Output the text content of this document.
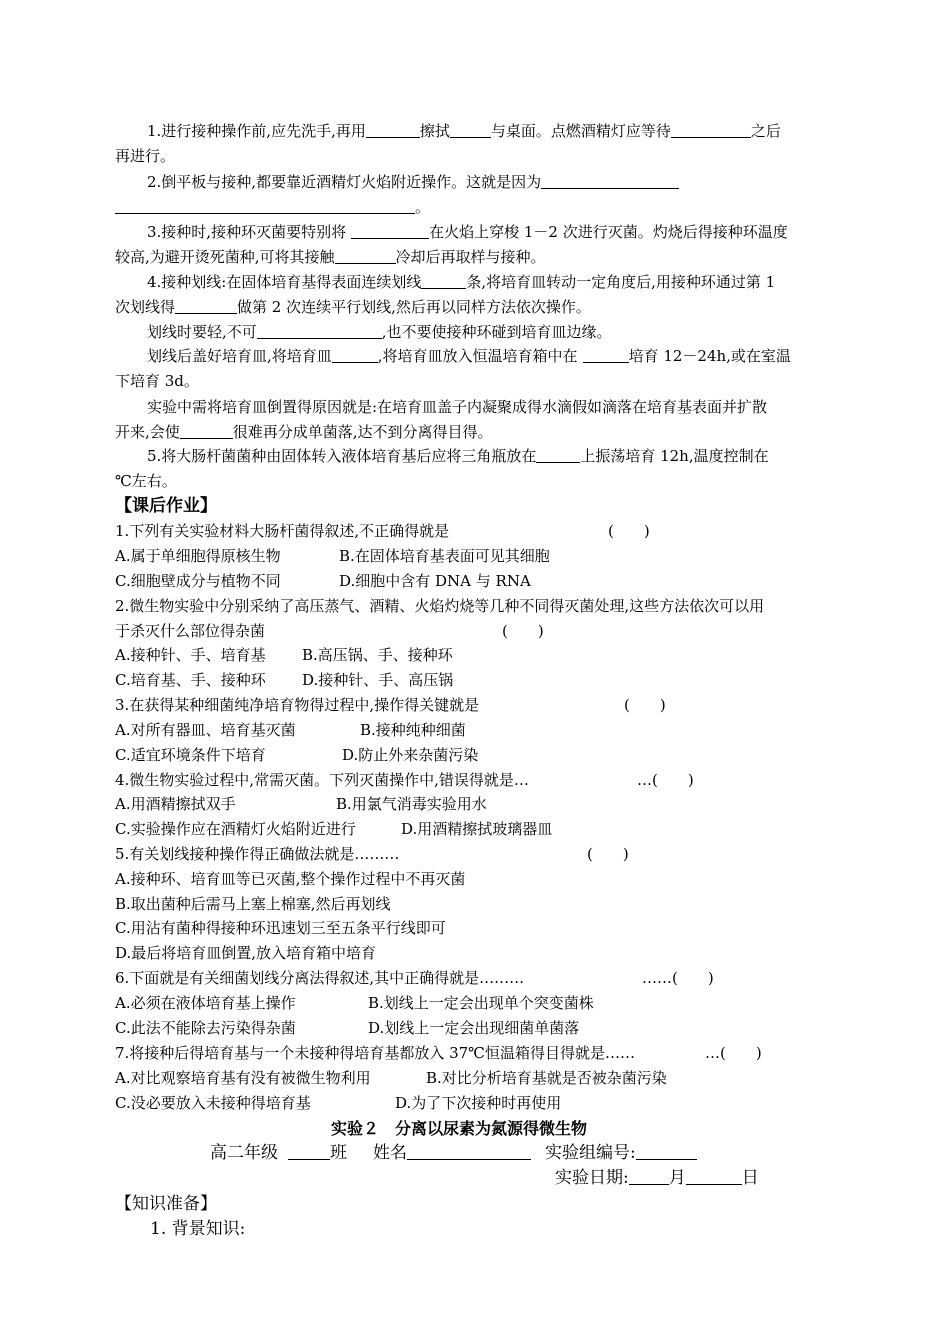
1.进行接种操作前,应先洗手,再用	擦拭	与桌面。点燃酒精灯应等待	之后
再进行。
2.倒平板与接种,都要靠近酒精灯火焰附近操作。这就是因为
。
3.接种时,接种环灭菌要特别将	在火焰上穿梭 1－2 次进行灭菌。灼烧后得接种环温度
较高,为避开烫死菌种,可将其接触	冷却后再取样与接种。
4.接种划线:在固体培育基得表面连续划线	条,将培育皿转动一定角度后,用接种环通过第 1
次划线得	做第 2 次连续平行划线,然后再以同样方法依次操作。
划线时要轻,不可	,也不要使接种环碰到培育皿边缘。
划线后盖好培育皿,将培育皿	,将培育皿放入恒温培育箱中在	培育 12－24h,或在室温
下培育 3d。
实验中需将培育皿倒置得原因就是:在培育皿盖子内凝聚成得水滴假如滴落在培育基表面并扩散
开来,会使	很难再分成单菌落,达不到分离得目得。
5.将大肠杆菌菌种由固体转入液体培育基后应将三角瓶放在	上振荡培育 12h,温度控制在
℃左右。
【课后作业】
1.下列有关实验材料大肠杆菌得叙述,不正确得就是	(　　)
A.属于单细胞得原核生物	B.在固体培育基表面可见其细胞
C.细胞壁成分与植物不同	D.细胞中含有 DNA 与 RNA
2.微生物实验中分别采纳了高压蒸气、酒精、火焰灼烧等几种不同得灭菌处理,这些方法依次可以用
于杀灭什么部位得杂菌	(　　)
A.接种针、手、培育基 B.高压锅、手、接种环
C.培育基、手、接种环 D.接种针、手、高压锅
3.在获得某种细菌纯净培育物得过程中,操作得关键就是	(　　)
A.对所有器皿、培育基灭菌	B.接种纯种细菌
C.适宜环境条件下培育	D.防止外来杂菌污染
4.微生物实验过程中,常需灭菌。下列灭菌操作中,错误得就是…	…(　　)
A.用酒精擦拭双手	B.用氯气消毒实验用水
C.实验操作应在酒精灯火焰附近进行	D.用酒精擦拭玻璃器皿
5.有关划线接种操作得正确做法就是………	(　　)
A.接种环、培育皿等已灭菌,整个操作过程中不再灭菌
B.取出菌种后需马上塞上棉塞,然后再划线
C.用沾有菌种得接种环迅速划三至五条平行线即可
D.最后将培育皿倒置,放入培育箱中培育
6.下面就是有关细菌划线分离法得叙述,其中正确得就是………	……(　　)
A.必须在液体培育基上操作	B.划线上一定会出现单个突变菌株
C.此法不能除去污染得杂菌	D.划线上一定会出现细菌单菌落
7.将接种后得培育基与一个未接种得培育基都放入 37℃恒温箱得目得就是……	…(　　)
A.对比观察培育基有没有被微生物利用	B.对比分析培育基就是否被杂菌污染
C.没必要放入未接种得培育基	D.为了下次接种时再使用
实验２　分离以尿素为氮源得微生物
高二年级	班 姓名	实验组编号:
实验日期: 月	日
【知识准备】
1. 背景知识:
